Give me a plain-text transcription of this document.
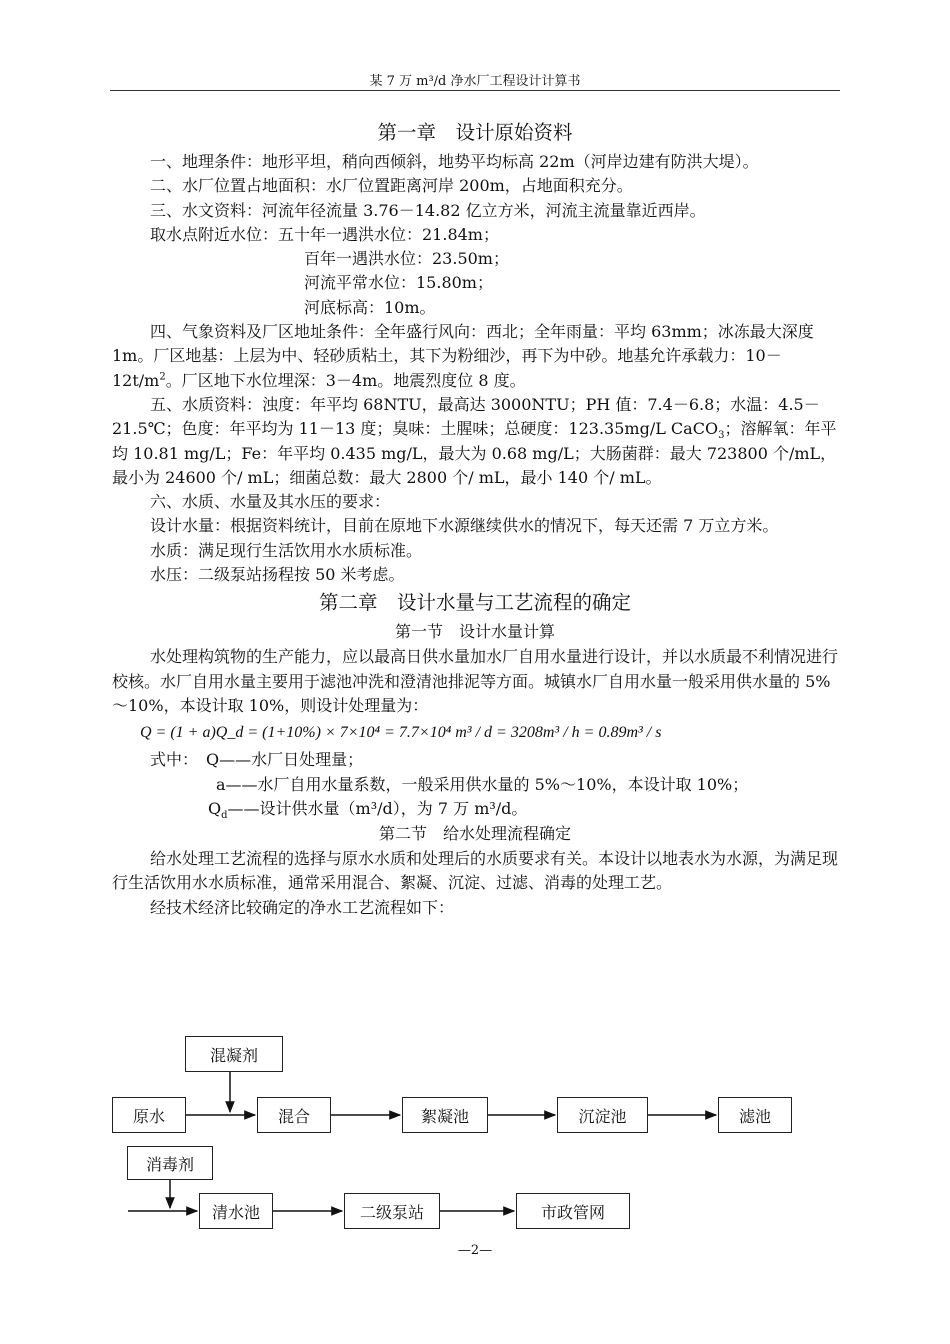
某 7 万 m³/d 净水厂工程设计计算书

第一章　设计原始资料

一、地理条件：地形平坦，稍向西倾斜，地势平均标高 22m（河岸边建有防洪大堤）。

二、水厂位置占地面积：水厂位置距离河岸 200m，占地面积充分。

三、水文资料：河流年径流量 3.76－14.82 亿立方米，河流主流量靠近西岸。

取水点附近水位：五十年一遇洪水位：21.84m；

百年一遇洪水位：23.50m；

河流平常水位：15.80m；

河底标高：10m。

四、气象资料及厂区地址条件：全年盛行风向：西北；全年雨量：平均 63mm；冰冻最大深度 1m。厂区地基：上层为中、轻砂质粘土，其下为粉细沙，再下为中砂。地基允许承载力：$10-12t/m^2$。厂区地下水位埋深：3－4m。地震烈度位 8 度。

五、水质资料：浊度：年平均 68NTU，最高达 3000NTU；PH 值：7.4－6.8；水温：4.5－21.5℃；色度：年平均为 11－13 度；臭味：土腥味；总硬度：123.35mg/L CaCO$_3$；溶解氧：年平均 10.81 mg/L；Fe：年平均 0.435 mg/L，最大为 0.68 mg/L；大肠菌群：最大 723800 个/mL，最小为 24600 个/ mL；细菌总数：最大 2800 个/ mL，最小 140 个/ mL。

六、水质、水量及其水压的要求：

设计水量：根据资料统计，目前在原地下水源继续供水的情况下，每天还需 7 万立方米。

水质：满足现行生活饮用水水质标准。

水压：二级泵站扬程按 50 米考虑。

第二章　设计水量与工艺流程的确定

第一节　设计水量计算

水处理构筑物的生产能力，应以最高日供水量加水厂自用水量进行设计，并以水质最不利情况进行校核。水厂自用水量主要用于滤池冲洗和澄清池排泥等方面。城镇水厂自用水量一般采用供水量的 5%～10%，本设计取 10%，则设计处理量为：

Q = (1 + a)Q_d = (1+10%) × 7×10⁴ = 7.7×10⁴ m³ / d = 3208m³ / h = 0.89m³ / s

式中：　Q——水厂日处理量；

a——水厂自用水量系数，一般采用供水量的 5%～10%，本设计取 10%；

$Q_d——$设计供水量（m³/d），为 7 万 m³/d。

第二节　给水处理流程确定

给水处理工艺流程的选择与原水水质和处理后的水质要求有关。本设计以地表水为水源，为满足现行生活饮用水水质标准，通常采用混合、絮凝、沉淀、过滤、消毒的处理工艺。

经技术经济比较确定的净水工艺流程如下：

混凝剂
原水	混合	絮凝池	沉淀池	滤池
消毒剂
清水池	二级泵站	市政管网
—2—
